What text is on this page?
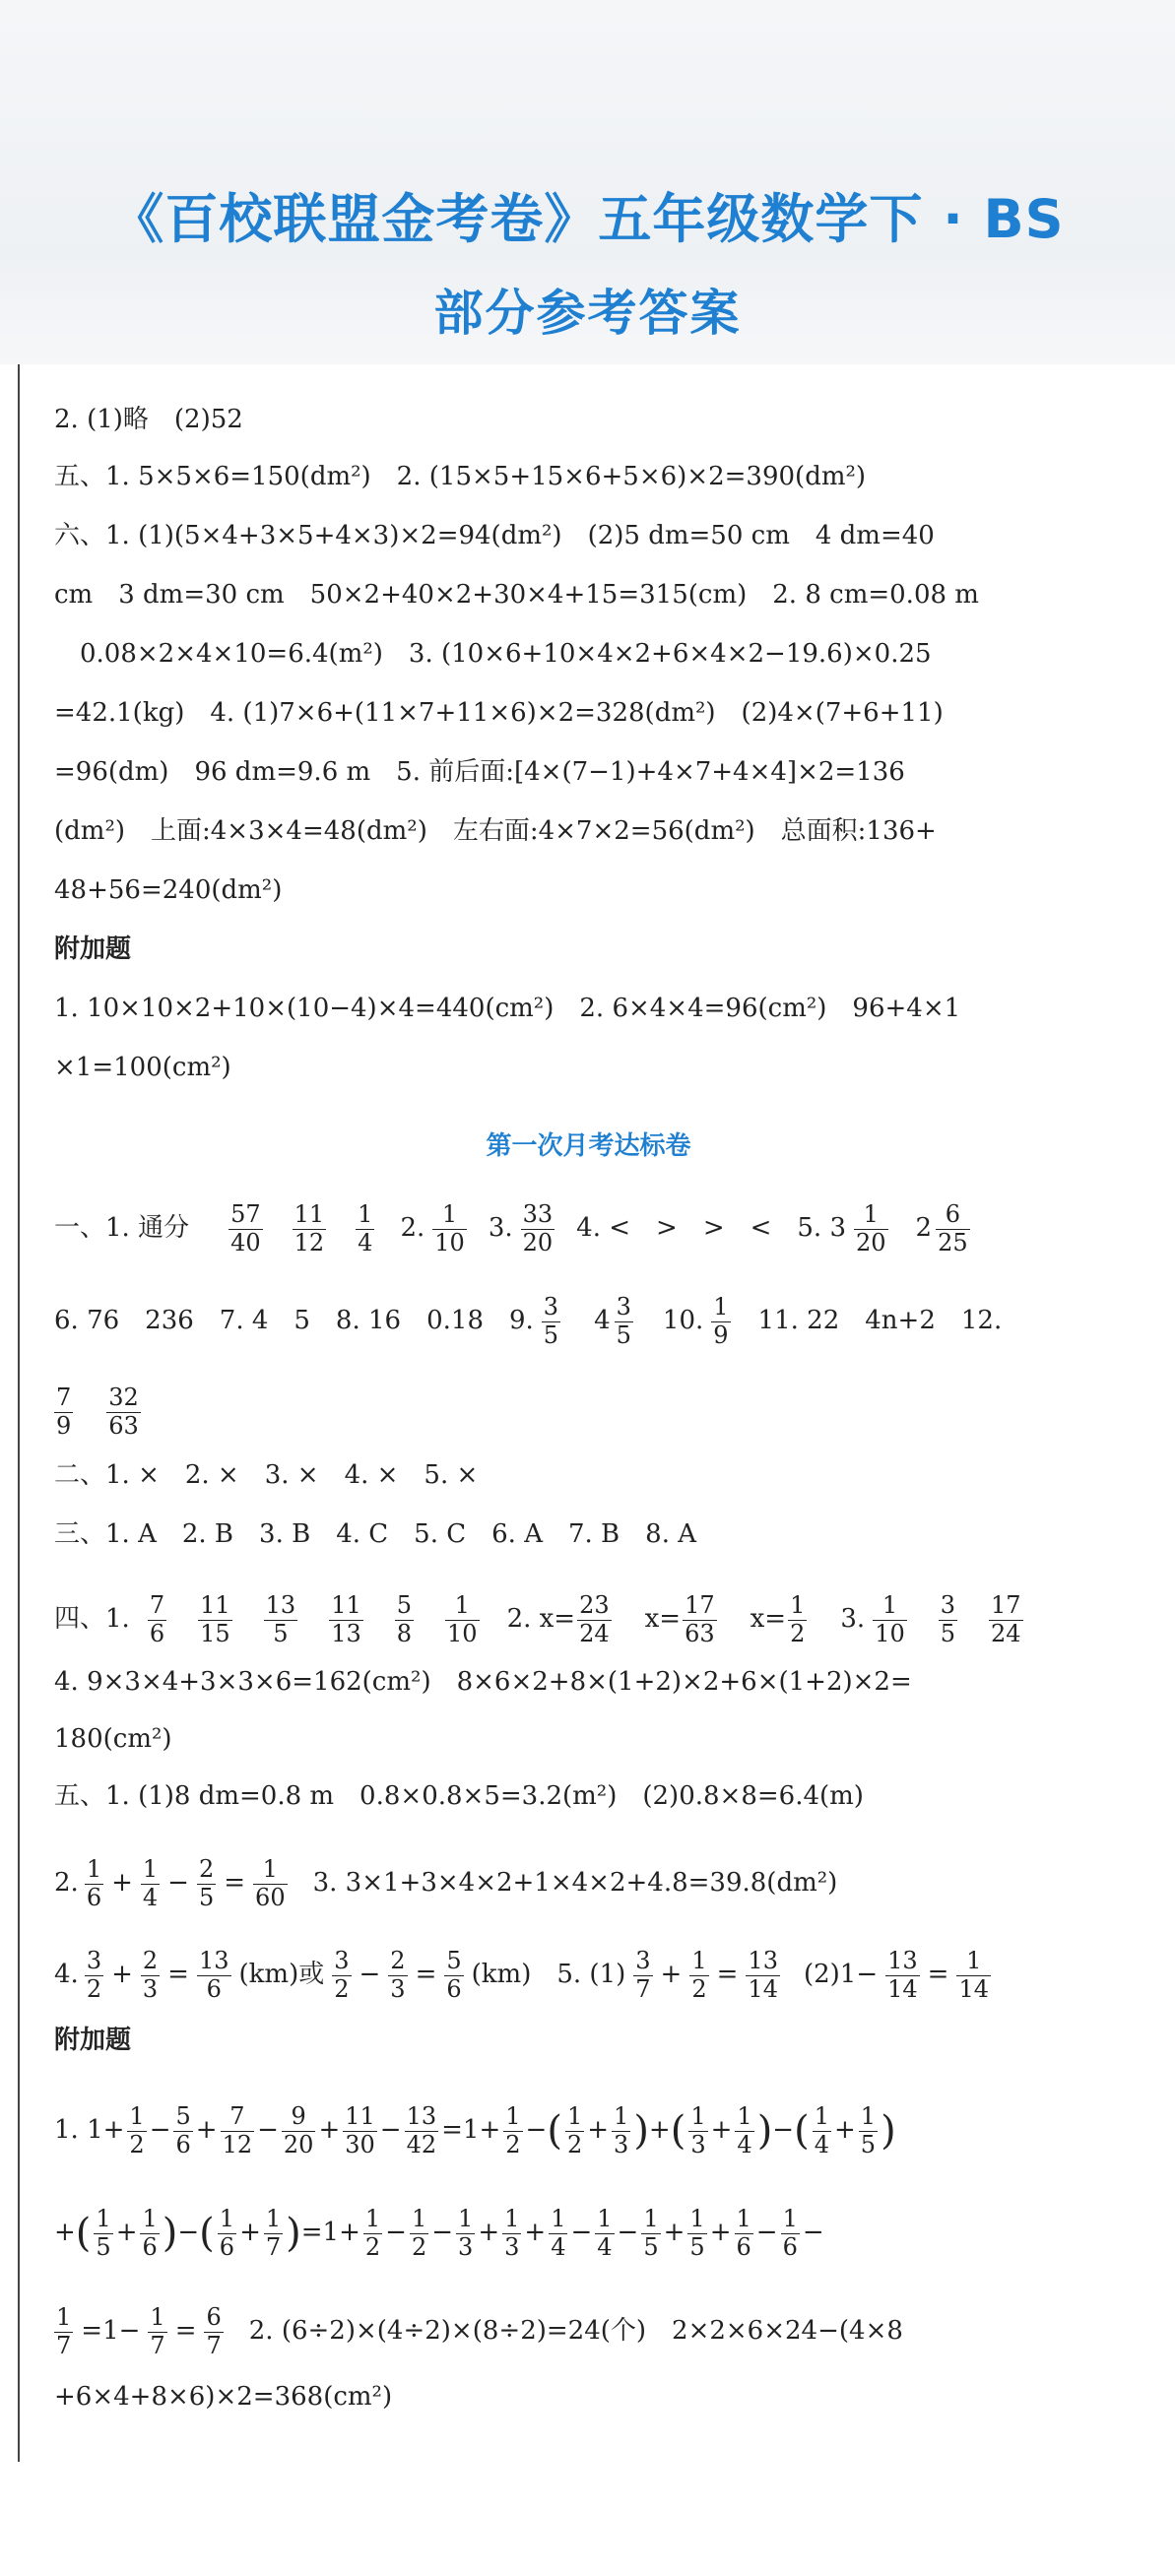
《百校联盟金考卷》五年级数学下 · BS
部分参考答案
2. (1)略　(2)52
五、1. 5×5×6=150(dm²)　2. (15×5+15×6+5×6)×2=390(dm²)
六、1. (1)(5×4+3×5+4×3)×2=94(dm²)　(2)5 dm=50 cm　4 dm=40
cm　3 dm=30 cm　50×2+40×2+30×4+15=315(cm)　2. 8 cm=0.08 m
0.08×2×4×10=6.4(m²)　3. (10×6+10×4×2+6×4×2−19.6)×0.25
=42.1(kg)　4. (1)7×6+(11×7+11×6)×2=328(dm²)　(2)4×(7+6+11)
=96(dm)　96 dm=9.6 m　5. 前后面:[4×(7−1)+4×7+4×4]×2=136
(dm²)　上面:4×3×4=48(dm²)　左右面:4×7×2=56(dm²)　总面积:136+
48+56=240(dm²)
附加题
1. 10×10×2+10×(10−4)×4=440(cm²)　2. 6×4×4=96(cm²)　96+4×1
×1=100(cm²)
第一次月考达标卷
一、1. 通分 57
40
11
12
1
4 2. 1
10 3. 33
20 4. <　>　>　<　5. 3 1
20 2 6
25
6. 76　236　7. 4　5　8. 16　0.18　9. 3
5 4 3
5 10. 1
9 11. 22　4n+2　12.
7
9
32
63
二、1. ×　2. ×　3. ×　4. ×　5. ×
三、1. A　2. B　3. B　4. C　5. C　6. A　7. B　8. A
四、1. 7
6
11
15
13
5
11
13
5
8
1
10 2. $x= \frac{23}{24} x= \frac{17}{63} x= \frac{1}{2} 3$. 1
10
3
5
17
24
4. 9×3×4+3×3×6=162(cm²)　8×6×2+8×(1+2)×2+6×(1+2)×2=
180(cm²)
五、1. (1)8 dm=0.8 m　0.8×0.8×5=3.2(m²)　(2)0.8×8=6.4(m)
2. 1
$6 + \frac{1}{4} - \frac{2}{5} = \frac{1}{60} 3$. 3×1+3×4×2+1×4×2+4.8=39.8(dm²)
4. 3
$2 + \frac{2}{3} = \frac{13}{6} (km)$或 3
$2 - \frac{2}{3} = \frac{5}{6} (km)$　5. (1) 3
$7 + \frac{1}{2} = \frac{13}{14} (2)1- \frac{13}{14} = \frac{1}{14}$
附加题
1. $1+ \frac{1}{2} - \frac{5}{6} + \frac{7}{12} - \frac{9}{20} + \frac{11}{30} - \frac{13}{42} =1+ \frac{1}{2}$ − ( 1
$2 + \frac{1}{3}$ ) + ( 1
$3 + \frac{1}{4}$ ) − ( 1
$4 + \frac{1}{5}$ )
+ ( 1
$5 + \frac{1}{6}$ ) − ( 1
$6 + \frac{1}{7}$ ) $=1+ \frac{1}{2} - \frac{1}{2} - \frac{1}{3} + \frac{1}{3} + \frac{1}{4} - \frac{1}{4} - \frac{1}{5} + \frac{1}{5} + \frac{1}{6} - \frac{1}{6}$ −
$\frac{1}{7} =1- \frac{1}{7} = \frac{6}{7} 2$. (6÷2)×(4÷2)×(8÷2)=24(个)　2×2×6×24−(4×8
+6×4+8×6)×2=368(cm²)
